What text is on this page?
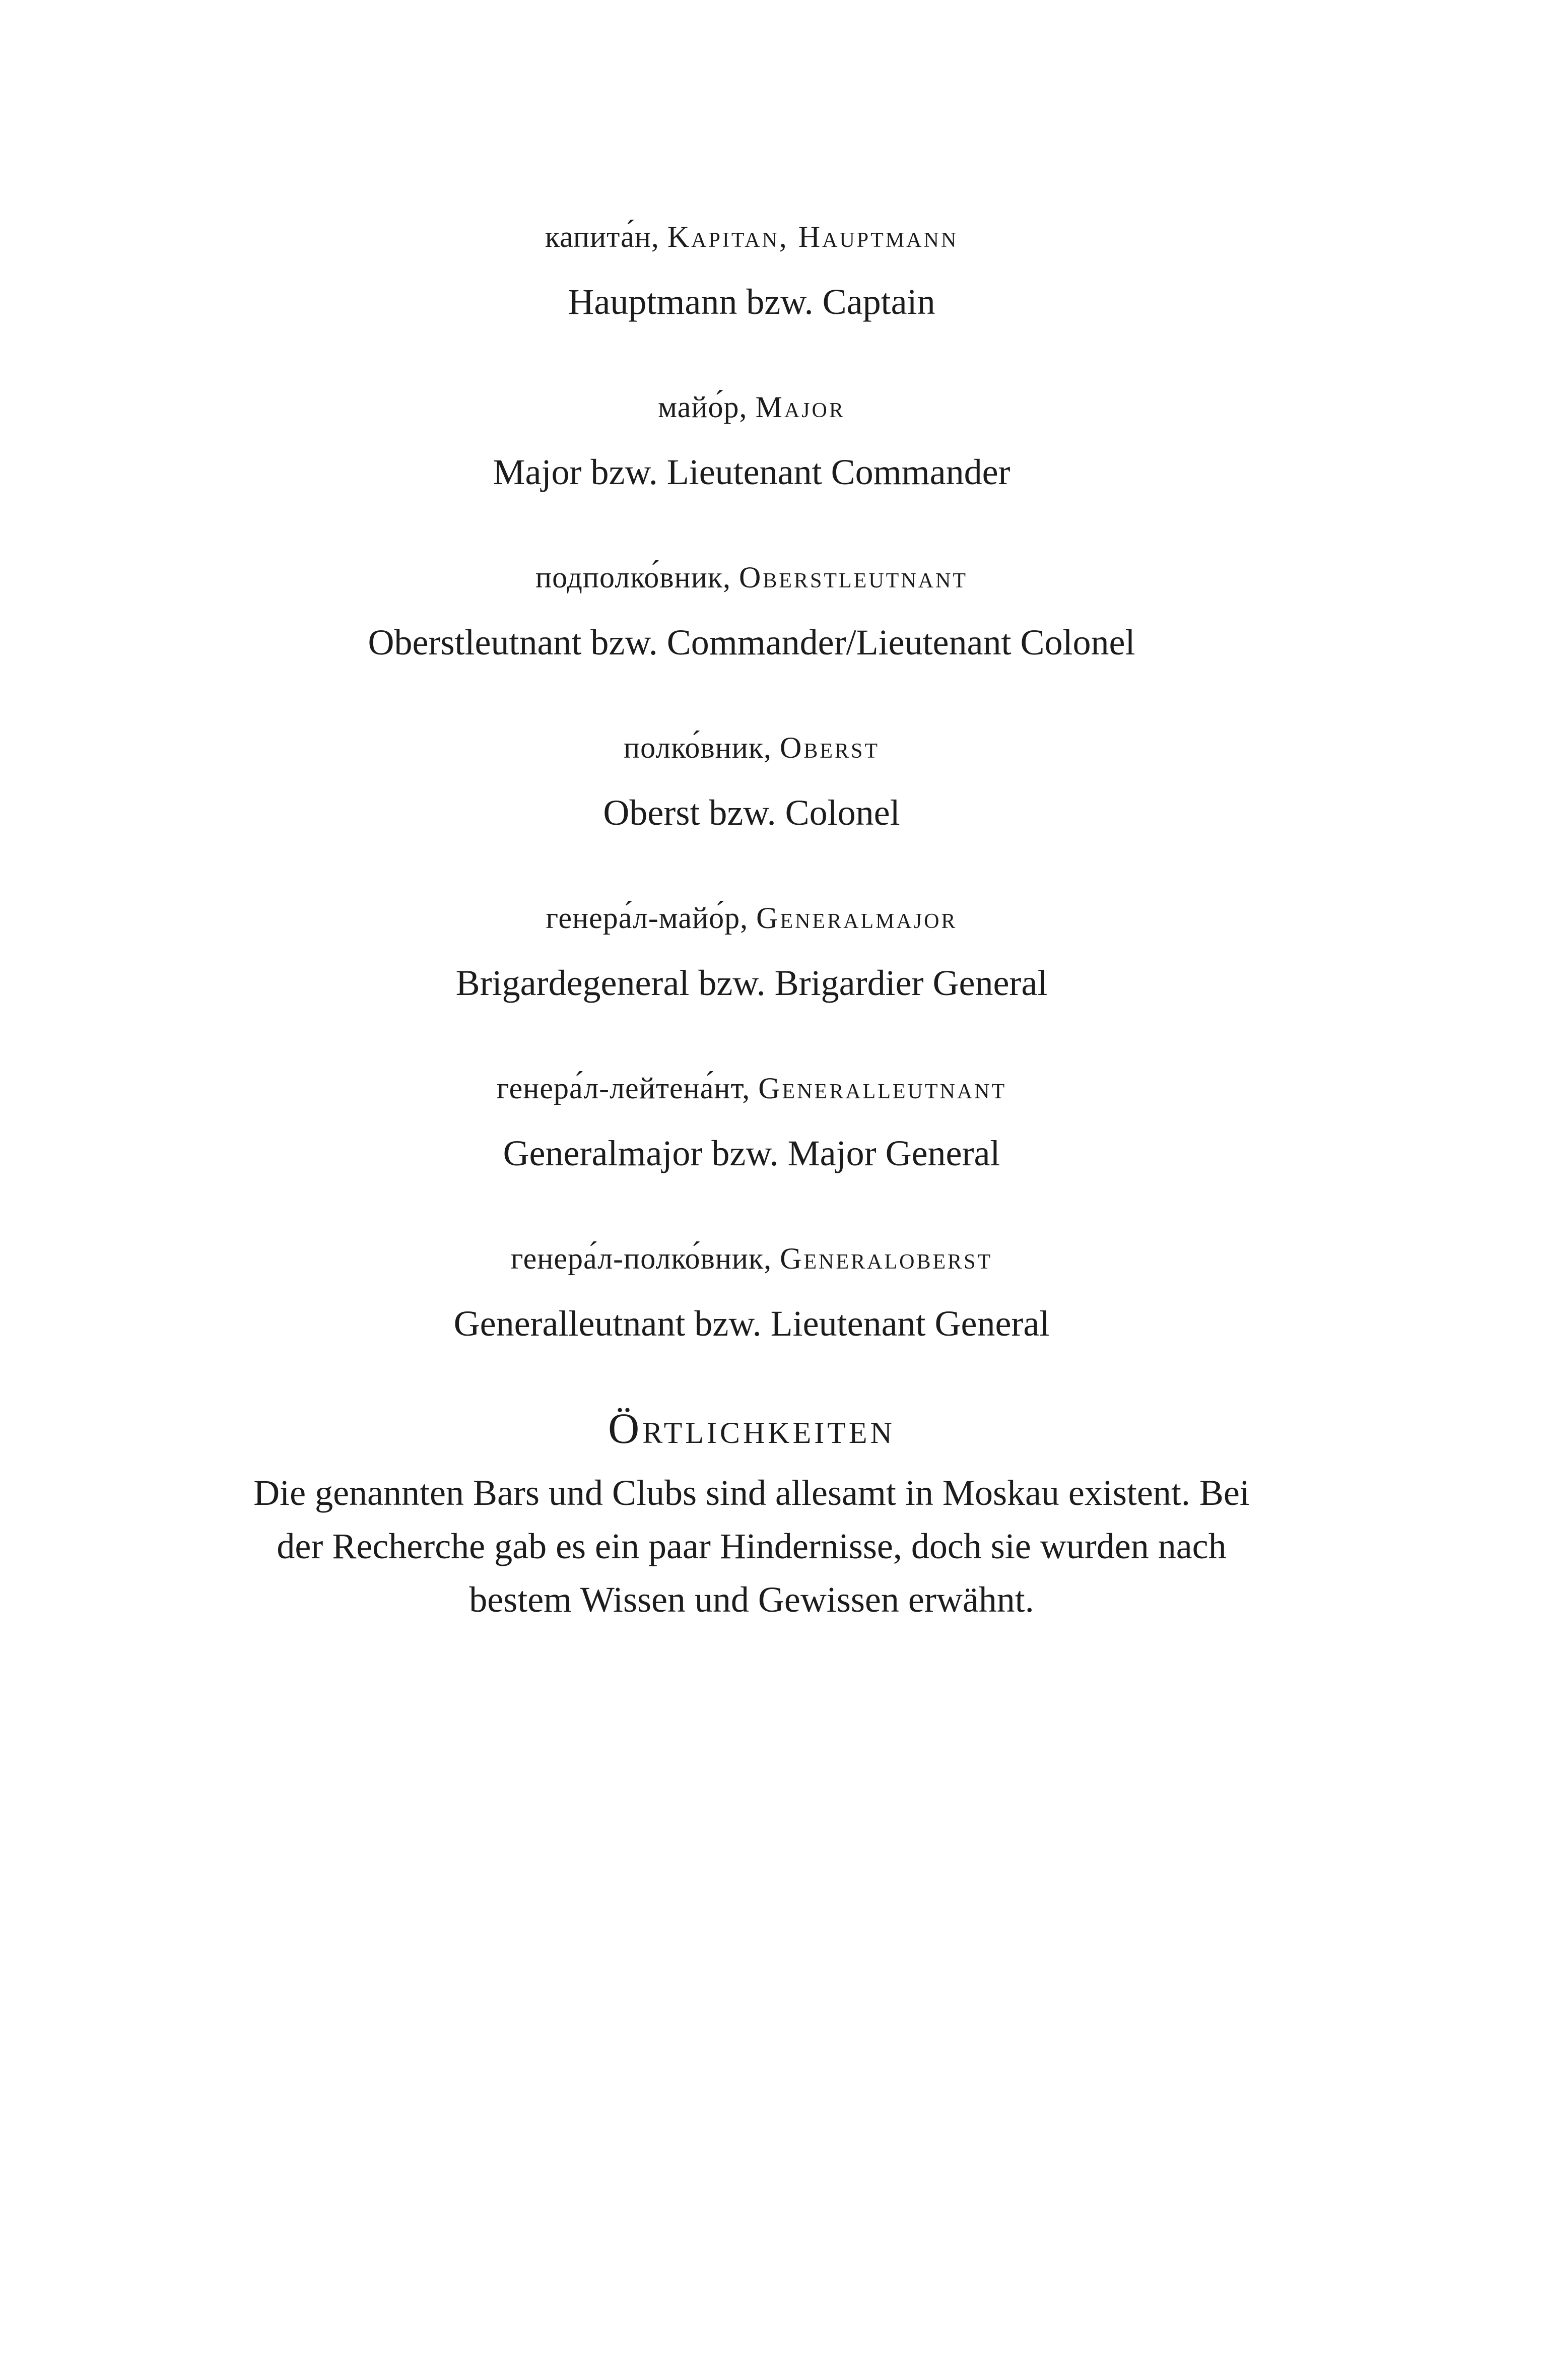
капита́н, Kapitan, Hauptmann
Hauptmann bzw. Captain
майо́р, Major
Major bzw. Lieutenant Commander
подполко́вник, Oberstleutnant
Oberstleutnant bzw. Commander/Lieutenant Colonel
полко́вник, Oberst
Oberst bzw. Colonel
генера́л-майо́р, Generalmajor
Brigardegeneral bzw. Brigardier General
генера́л-лейтена́нт, Generalleutnant
Generalmajor bzw. Major General
генера́л-полко́вник, Generaloberst
Generalleutnant bzw. Lieutenant General
Örtlichkeiten

Die genannten Bars und Clubs sind allesamt in Moskau existent. Bei der Recherche gab es ein paar Hindernisse, doch sie wurden nach bestem Wissen und Gewissen erwähnt.
